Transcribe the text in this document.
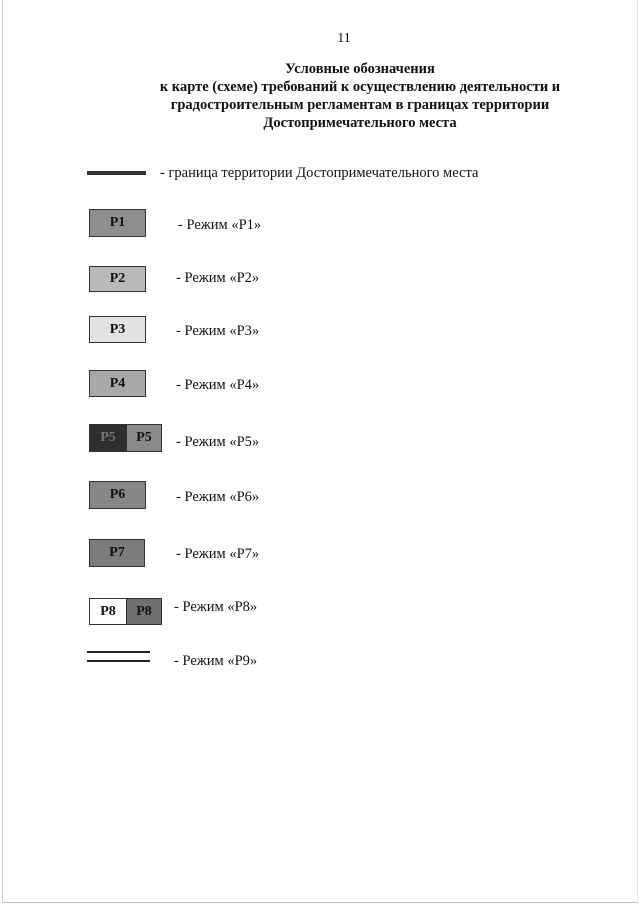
11
Условные обозначения
к карте (схеме) требований к осуществлению деятельности и
градостроительным регламентам в границах территории
Достопримечательного места
- граница территории Достопримечательного места
Р1	- Режим «Р1»
Р2	- Режим «Р2»
Р3	- Режим «Р3»
Р4	- Режим «Р4»
Р5 Р5 - Режим «Р5»
Р6	- Режим «Р6»
Р7	- Режим «Р7»
Р8 Р8 - Режим «Р8»
- Режим «Р9»
